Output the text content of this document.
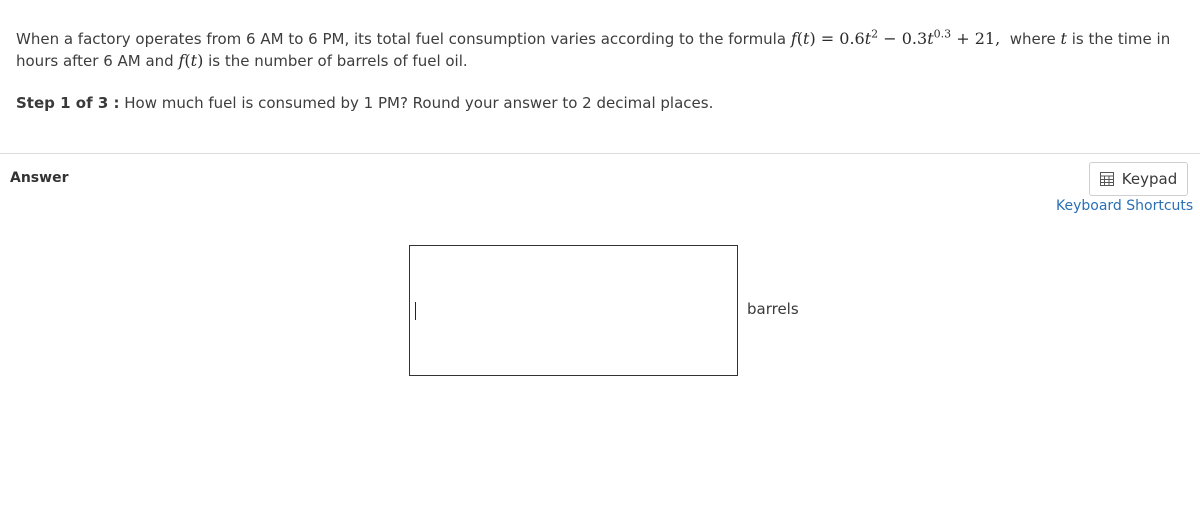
When a factory operates from 6 AM to 6 PM, its total fuel consumption varies according to the formula $f(t) = 0.6t^2 - 0.3t^{0.3} + 21$, where t is the time in hours after 6 AM and f(t) is the number of barrels of fuel oil.
Step 1 of 3 : How much fuel is consumed by 1 PM? Round your answer to 2 decimal places.
Answer	Keypad
Keyboard Shortcuts
barrels
